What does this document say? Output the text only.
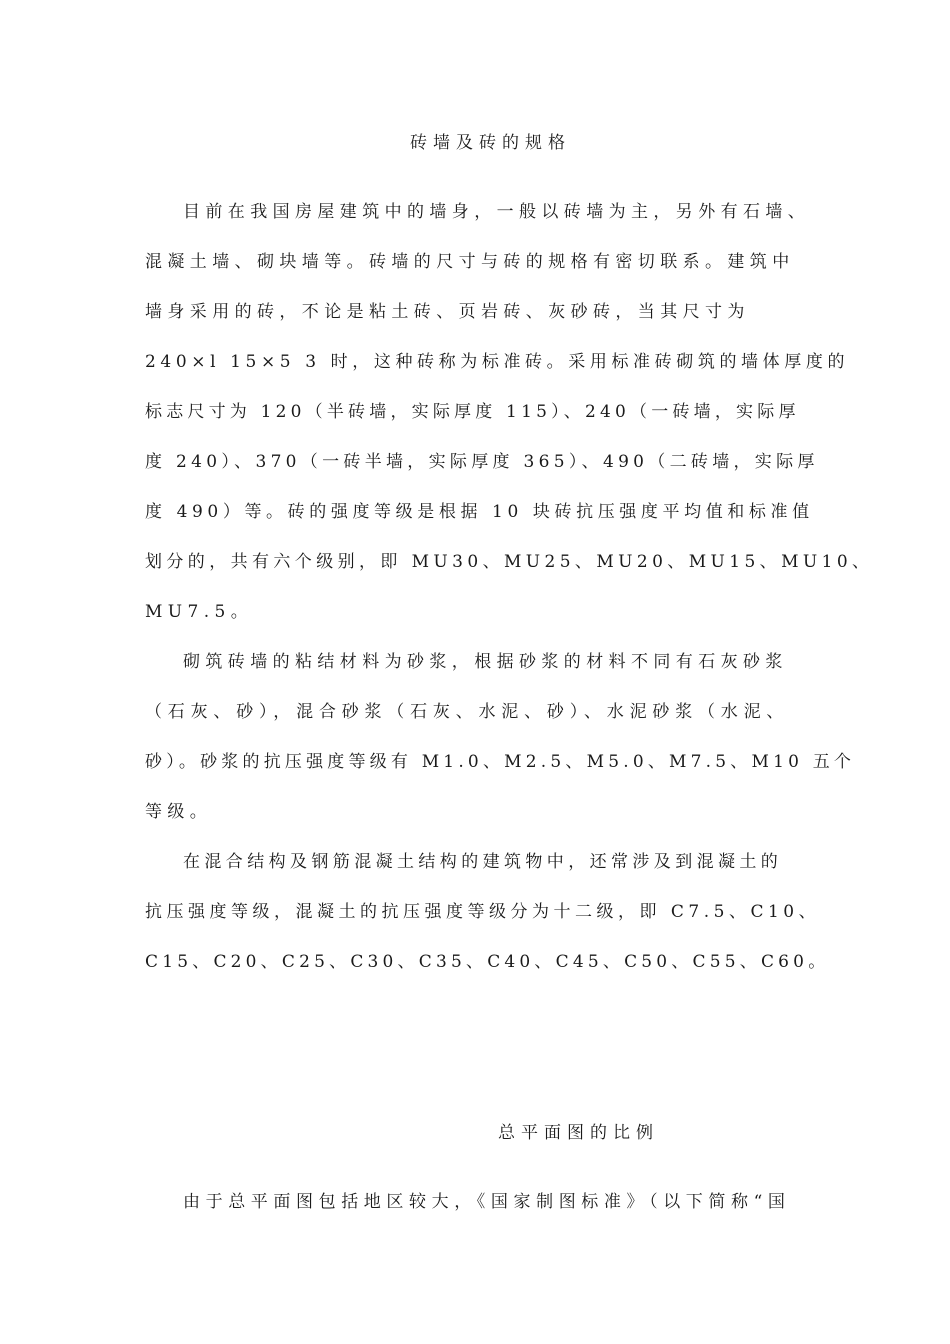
砖墙及砖的规格
目前在我国房屋建筑中的墙身，一般以砖墙为主，另外有石墙、
混凝土墙、砌块墙等。砖墙的尺寸与砖的规格有密切联系。建筑中
墙身采用的砖，不论是粘土砖、页岩砖、灰砂砖，当其尺寸为
240×l 15×5 3 时，这种砖称为标准砖。采用标准砖砌筑的墙体厚度的
标志尺寸为 120（半砖墙，实际厚度 115）、240（一砖墙，实际厚
度 240）、370（一砖半墙，实际厚度 365）、490（二砖墙，实际厚
度 490）等。砖的强度等级是根据 10 块砖抗压强度平均值和标准值
划分的，共有六个级别，即 MU30、MU25、MU20、MU15、MU10、
MU7.5。
砌筑砖墙的粘结材料为砂浆，根据砂浆的材料不同有石灰砂浆
（石灰、砂），混合砂浆（石灰、水泥、砂）、水泥砂浆（水泥、
砂）。砂浆的抗压强度等级有 M1.0、M2.5、M5.0、M7.5、M10 五个
等级。
在混合结构及钢筋混凝土结构的建筑物中，还常涉及到混凝土的
抗压强度等级，混凝土的抗压强度等级分为十二级，即 C7.5、C10、
C15、C20、C25、C30、C35、C40、C45、C50、C55、C60。
总平面图的比例
由于总平面图包括地区较大，《国家制图标准》（以下简称“国
